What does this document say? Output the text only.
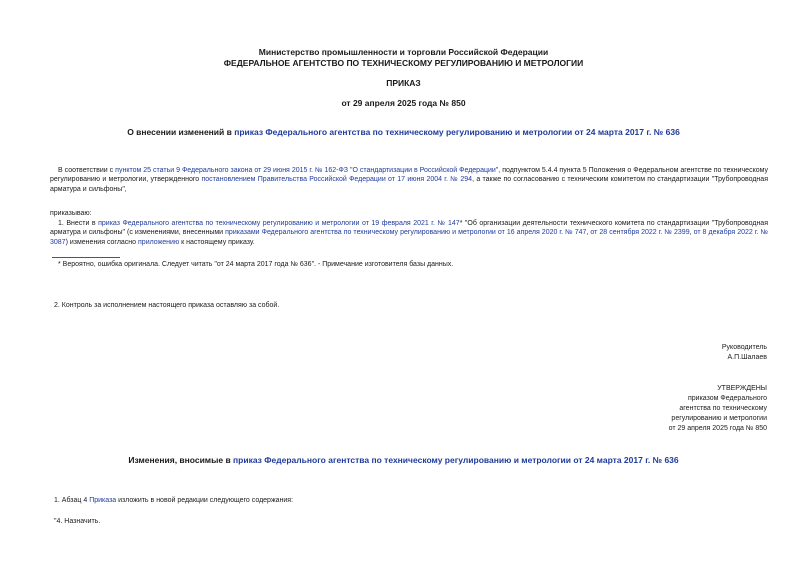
Министерство промышленности и торговли Российской Федерации
ФЕДЕРАЛЬНОЕ АГЕНТСТВО ПО ТЕХНИЧЕСКОМУ РЕГУЛИРОВАНИЮ И МЕТРОЛОГИИ
ПРИКАЗ
от 29 апреля 2025 года № 850
О внесении изменений в приказ Федерального агентства по техническому регулированию и метрологии от 24 марта 2017 г. № 636
В соответствии с пунктом 25 статьи 9 Федерального закона от 29 июня 2015 г. № 162-ФЗ "О стандартизации в Российской Федерации", подпунктом 5.4.4 пункта 5 Положения о Федеральном агентстве по техническому регулированию и метрологии, утвержденного постановлением Правительства Российской Федерации от 17 июня 2004 г. № 294, а также по согласованию с техническим комитетом по стандартизации "Трубопроводная арматура и сильфоны",
приказываю:
1. Внести в приказ Федерального агентства по техническому регулированию и метрологии от 19 февраля 2021 г. № 147* "Об организации деятельности технического комитета по стандартизации "Трубопроводная арматура и сильфоны" (с изменениями, внесенными приказами Федерального агентства по техническому регулированию и метрологии от 16 апреля 2020 г. № 747, от 28 сентября 2022 г. № 2399, от 8 декабря 2022 г. № 3087) изменения согласно приложению к настоящему приказу.
* Вероятно, ошибка оригинала. Следует читать "от 24 марта 2017 года № 636". - Примечание изготовителя базы данных.
2. Контроль за исполнением настоящего приказа оставляю за собой.
Руководитель
А.П.Шалаев
УТВЕРЖДЕНЫ
приказом Федерального
агентства по техническому
регулированию и метрологии
от 29 апреля 2025 года № 850
Изменения, вносимые в приказ Федерального агентства по техническому регулированию и метрологии от 24 марта 2017 г. № 636
1. Абзац 4 Приказа изложить в новой редакции следующего содержания:
"4. Назначить.
